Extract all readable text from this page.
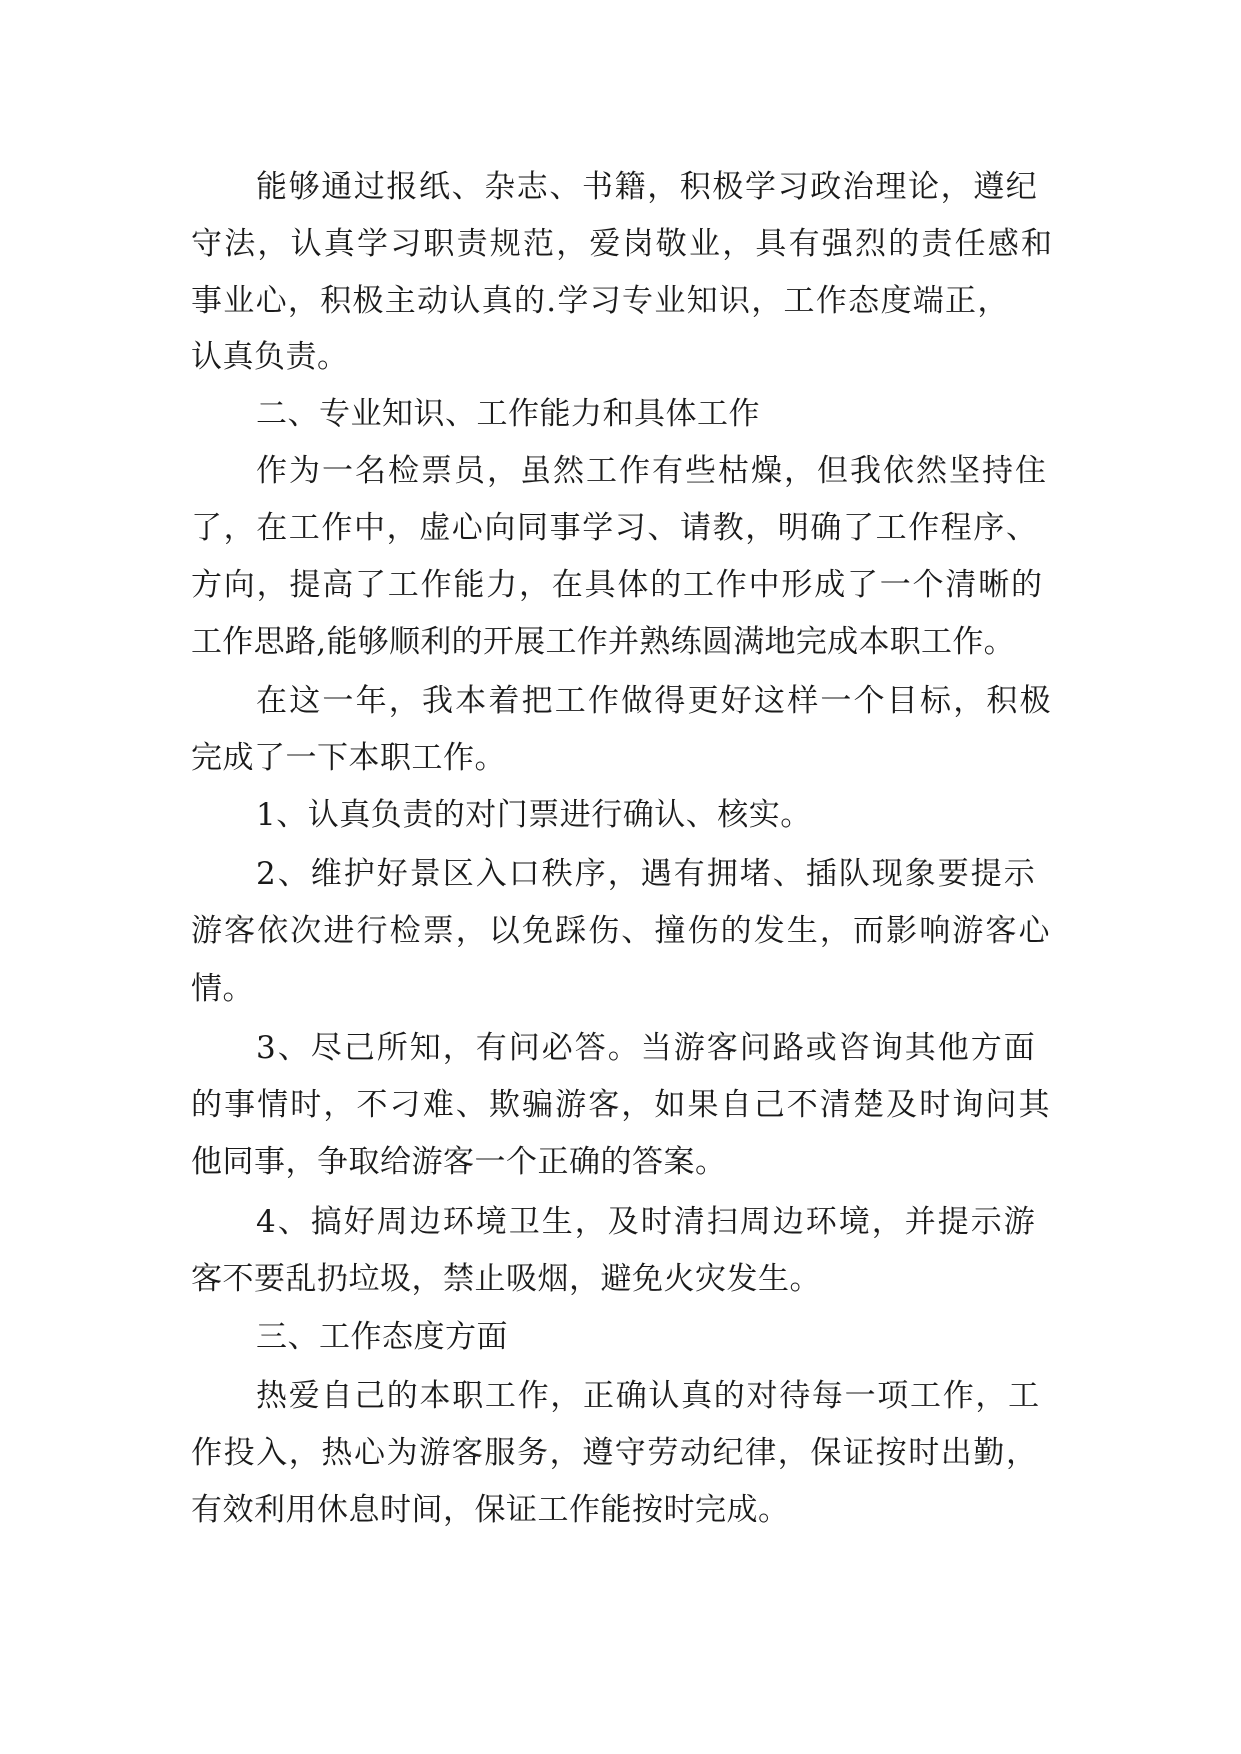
能够通过报纸、杂志、书籍，积极学习政治理论，遵纪

守法，认真学习职责规范，爱岗敬业，具有强烈的责任感和

事业心，积极主动认真的.学习专业知识，工作态度端正，

认真负责。

二、专业知识、工作能力和具体工作

作为一名检票员，虽然工作有些枯燥，但我依然坚持住

了，在工作中，虚心向同事学习、请教，明确了工作程序、

方向，提高了工作能力，在具体的工作中形成了一个清晰的

工作思路,能够顺利的开展工作并熟练圆满地完成本职工作。

在这一年，我本着把工作做得更好这样一个目标，积极

完成了一下本职工作。

1、认真负责的对门票进行确认、核实。

2、维护好景区入口秩序，遇有拥堵、插队现象要提示

游客依次进行检票，以免踩伤、撞伤的发生，而影响游客心

情。

3、尽己所知，有问必答。当游客问路或咨询其他方面

的事情时，不刁难、欺骗游客，如果自己不清楚及时询问其

他同事，争取给游客一个正确的答案。

4、搞好周边环境卫生，及时清扫周边环境，并提示游

客不要乱扔垃圾，禁止吸烟，避免火灾发生。

三、工作态度方面

热爱自己的本职工作，正确认真的对待每一项工作，工

作投入，热心为游客服务，遵守劳动纪律，保证按时出勤，

有效利用休息时间，保证工作能按时完成。
